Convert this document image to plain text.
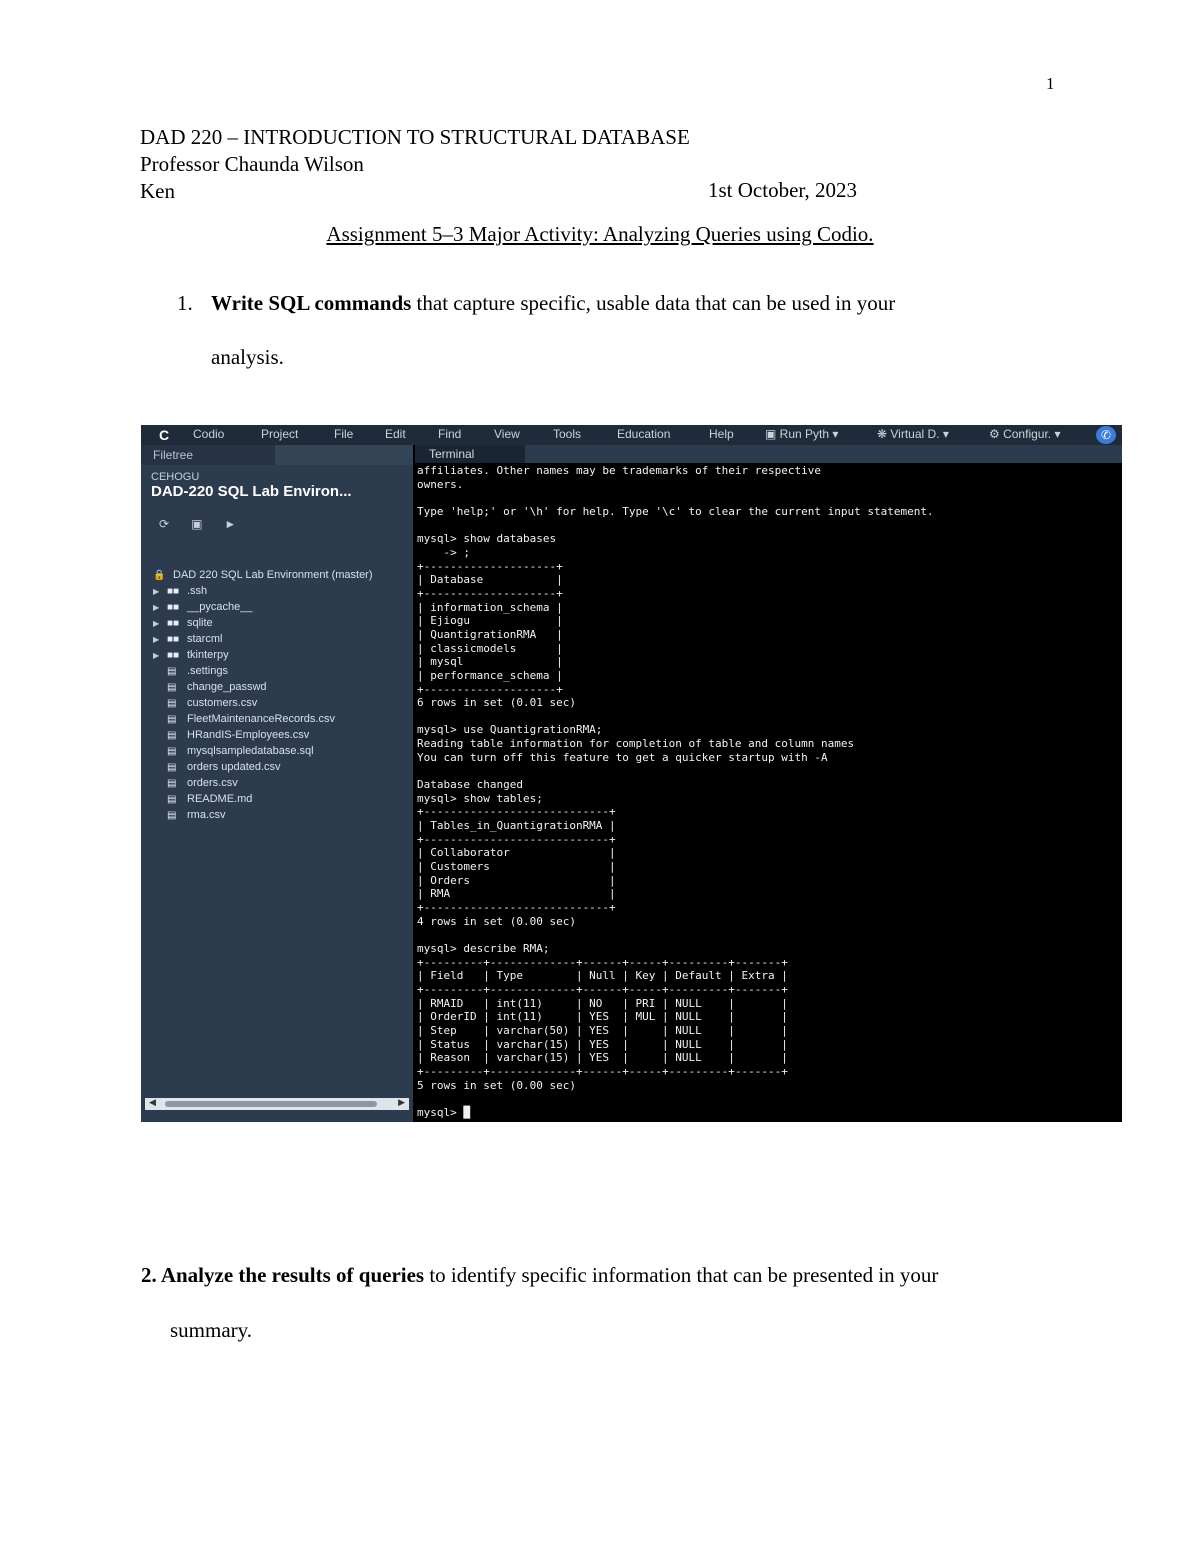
1
DAD 220 – INTRODUCTION TO STRUCTURAL DATABASE
Professor Chaunda Wilson
Ken	1st October, 2023
Assignment 5–3 Major Activity: Analyzing Queries using Codio.
1. Write SQL commands that capture specific, usable data that can be used in your
analysis.
C	Codio	Project	File	Edit	Find	View	Tools	Education	Help	▣ Run Pyth ▾	❋ Virtual D. ▾	⚙ Configur. ▾	✆
Filetree
CEHOGU
DAD-220 SQL Lab Environ...
⟳ ▣ ►
🔒 DAD 220 SQL Lab Environment (master)
▶ ■■ .ssh
▶ ■■ __pycache__
▶ ■■ sqlite
▶ ■■ starcml
▶ ■■ tkinterpy
▤ .settings
▤ change_passwd
▤ customers.csv
▤ FleetMaintenanceRecords.csv
▤ HRandIS-Employees.csv
▤ mysqlsampledatabase.sql
▤ orders updated.csv
▤ orders.csv
▤ README.md
▤ rma.csv
◀	▶
Terminal
affiliates. Other names may be trademarks of their respective
owners.

Type 'help;' or '\h' for help. Type '\c' to clear the current input statement.

mysql> show databases
-> ;
+--------------------+
| Database           |
+--------------------+
| information_schema |
| Ejiogu             |
| QuantigrationRMA   |
| classicmodels      |
| mysql              |
| performance_schema |
+--------------------+
6 rows in set (0.01 sec)

mysql> use QuantigrationRMA;
Reading table information for completion of table and column names
You can turn off this feature to get a quicker startup with -A

Database changed
mysql> show tables;
+----------------------------+
| Tables_in_QuantigrationRMA |
+----------------------------+
| Collaborator               |
| Customers                  |
| Orders                     |
| RMA                        |
+----------------------------+
4 rows in set (0.00 sec)

mysql> describe RMA;
+---------+-------------+------+-----+---------+-------+
| Field   | Type        | Null | Key | Default | Extra |
+---------+-------------+------+-----+---------+-------+
| RMAID   | int(11)     | NO   | PRI | NULL    |       |
| OrderID | int(11)     | YES  | MUL | NULL    |       |
| Step    | varchar(50) | YES  |     | NULL    |       |
| Status  | varchar(15) | YES  |     | NULL    |       |
| Reason  | varchar(15) | YES  |     | NULL    |       |
+---------+-------------+------+-----+---------+-------+
5 rows in set (0.00 sec)

mysql> █
2. Analyze the results of queries to identify specific information that can be presented in your
summary.
